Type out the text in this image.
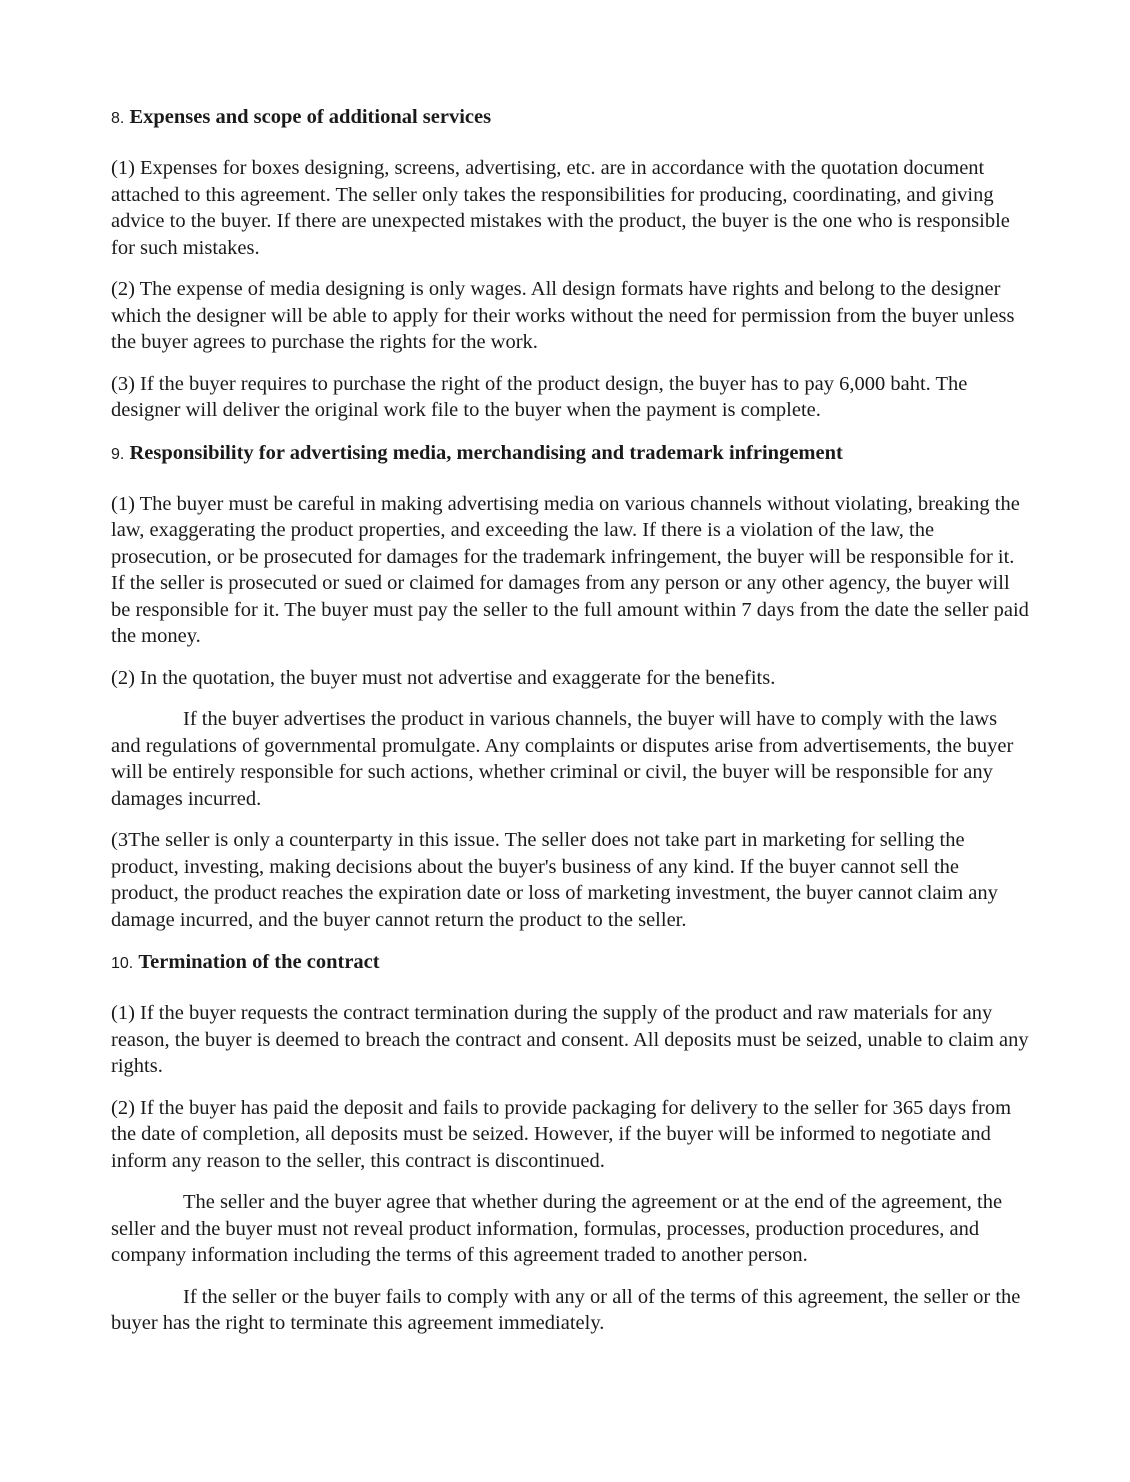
8. Expenses and scope of additional services

(1) Expenses for boxes designing, screens, advertising, etc. are in accordance with the quotation document attached to this agreement. The seller only takes the responsibilities for producing, coordinating, and giving advice to the buyer. If there are unexpected mistakes with the product, the buyer is the one who is responsible for such mistakes.

(2) The expense of media designing is only wages. All design formats have rights and belong to the designer which the designer will be able to apply for their works without the need for permission from the buyer unless the buyer agrees to purchase the rights for the work.

(3) If the buyer requires to purchase the right of the product design, the buyer has to pay 6,000 baht. The designer will deliver the original work file to the buyer when the payment is complete.

9. Responsibility for advertising media, merchandising and trademark infringement

(1) The buyer must be careful in making advertising media on various channels without violating, breaking the law, exaggerating the product properties, and exceeding the law. If there is a violation of the law, the prosecution, or be prosecuted for damages for the trademark infringement, the buyer will be responsible for it. If the seller is prosecuted or sued or claimed for damages from any person or any other agency, the buyer will be responsible for it. The buyer must pay the seller to the full amount within 7 days from the date the seller paid the money.

(2) In the quotation, the buyer must not advertise and exaggerate for the benefits.

If the buyer advertises the product in various channels, the buyer will have to comply with the laws and regulations of governmental promulgate. Any complaints or disputes arise from advertisements, the buyer will be entirely responsible for such actions, whether criminal or civil, the buyer will be responsible for any damages incurred.

(3The seller is only a counterparty in this issue. The seller does not take part in marketing for selling the product, investing, making decisions about the buyer's business of any kind. If the buyer cannot sell the product, the product reaches the expiration date or loss of marketing investment, the buyer cannot claim any damage incurred, and the buyer cannot return the product to the seller.

10. Termination of the contract

(1) If the buyer requests the contract termination during the supply of the product and raw materials for any reason, the buyer is deemed to breach the contract and consent. All deposits must be seized, unable to claim any rights.

(2) If the buyer has paid the deposit and fails to provide packaging for delivery to the seller for 365 days from the date of completion, all deposits must be seized. However, if the buyer will be informed to negotiate and inform any reason to the seller, this contract is discontinued.

The seller and the buyer agree that whether during the agreement or at the end of the agreement, the seller and the buyer must not reveal product information, formulas, processes, production procedures, and company information including the terms of this agreement traded to another person.

If the seller or the buyer fails to comply with any or all of the terms of this agreement, the seller or the buyer has the right to terminate this agreement immediately.
